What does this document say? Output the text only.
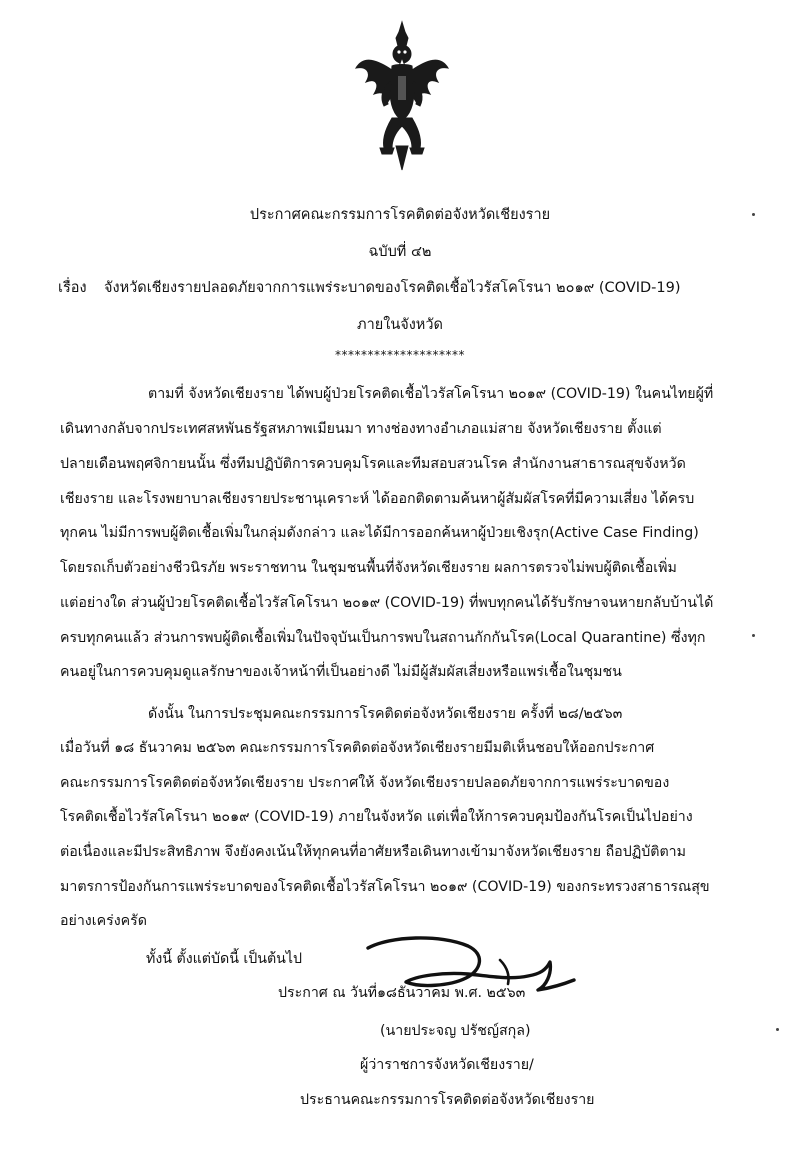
ประกาศคณะกรรมการโรคติดต่อจังหวัดเชียงราย
ฉบับที่ ๔๒
เรื่อง จังหวัดเชียงรายปลอดภัยจากการแพร่ระบาดของโรคติดเชื้อไวรัสโคโรนา ๒๐๑๙ (COVID-19)
ภายในจังหวัด
********************
ตามที่ จังหวัดเชียงราย ได้พบผู้ป่วยโรคติดเชื้อไวรัสโคโรนา ๒๐๑๙ (COVID-19) ในคนไทยผู้ที่
เดินทางกลับจากประเทศสหพันธรัฐสหภาพเมียนมา ทางช่องทางอำเภอแม่สาย จังหวัดเชียงราย ตั้งแต่
ปลายเดือนพฤศจิกายนนั้น ซึ่งทีมปฏิบัติการควบคุมโรคและทีมสอบสวนโรค สำนักงานสาธารณสุขจังหวัด
เชียงราย และโรงพยาบาลเชียงรายประชานุเคราะห์ ได้ออกติดตามค้นหาผู้สัมผัสโรคที่มีความเสี่ยง ได้ครบ
ทุกคน ไม่มีการพบผู้ติดเชื้อเพิ่มในกลุ่มดังกล่าว และได้มีการออกค้นหาผู้ป่วยเชิงรุก(Active Case Finding)
โดยรถเก็บตัวอย่างชีวนิรภัย พระราชทาน ในชุมชนพื้นที่จังหวัดเชียงราย ผลการตรวจไม่พบผู้ติดเชื้อเพิ่ม
แต่อย่างใด ส่วนผู้ป่วยโรคติดเชื้อไวรัสโคโรนา ๒๐๑๙ (COVID-19) ที่พบทุกคนได้รับรักษาจนหายกลับบ้านได้
ครบทุกคนแล้ว ส่วนการพบผู้ติดเชื้อเพิ่มในปัจจุบันเป็นการพบในสถานกักกันโรค(Local Quarantine) ซึ่งทุก
คนอยู่ในการควบคุมดูแลรักษาของเจ้าหน้าที่เป็นอย่างดี ไม่มีผู้สัมผัสเสี่ยงหรือแพร่เชื้อในชุมชน
ดังนั้น ในการประชุมคณะกรรมการโรคติดต่อจังหวัดเชียงราย ครั้งที่ ๒๘/๒๕๖๓
เมื่อวันที่ ๑๘ ธันวาคม ๒๕๖๓ คณะกรรมการโรคติดต่อจังหวัดเชียงรายมีมติเห็นชอบให้ออกประกาศ
คณะกรรมการโรคติดต่อจังหวัดเชียงราย ประกาศให้ จังหวัดเชียงรายปลอดภัยจากการแพร่ระบาดของ
โรคติดเชื้อไวรัสโคโรนา ๒๐๑๙ (COVID-19) ภายในจังหวัด แต่เพื่อให้การควบคุมป้องกันโรคเป็นไปอย่าง
ต่อเนื่องและมีประสิทธิภาพ จึงยังคงเน้นให้ทุกคนที่อาศัยหรือเดินทางเข้ามาจังหวัดเชียงราย ถือปฏิบัติตาม
มาตรการป้องกันการแพร่ระบาดของโรคติดเชื้อไวรัสโคโรนา ๒๐๑๙ (COVID-19) ของกระทรวงสาธารณสุข
อย่างเคร่งครัด
ทั้งนี้ ตั้งแต่บัดนี้ เป็นต้นไป
ประกาศ ณ วันที่๑๘ธันวาคม พ.ศ. ๒๕๖๓
(นายประจญ ปรัชญ์สกุล)
ผู้ว่าราชการจังหวัดเชียงราย/
ประธานคณะกรรมการโรคติดต่อจังหวัดเชียงราย
